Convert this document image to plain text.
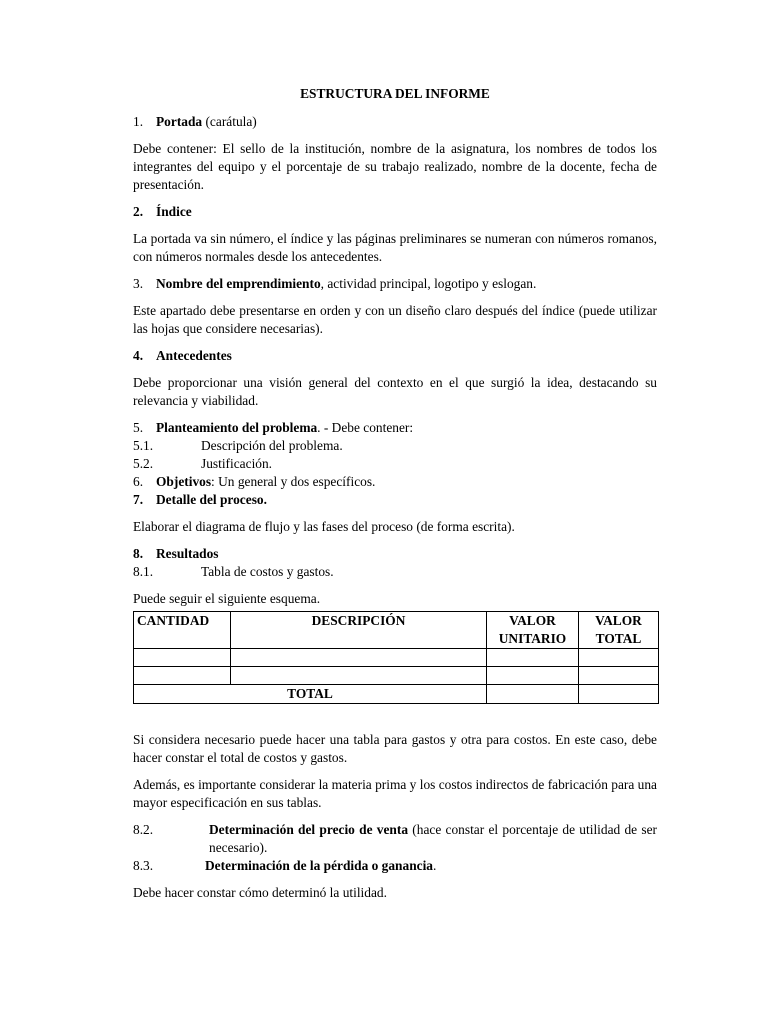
ESTRUCTURA DEL INFORME

1. Portada (carátula)

Debe contener: El sello de la institución, nombre de la asignatura, los nombres de todos los integrantes del equipo y el porcentaje de su trabajo realizado, nombre de la docente, fecha de presentación.

2. Índice

La portada va sin número, el índice y las páginas preliminares se numeran con números romanos, con números normales desde los antecedentes.

3. Nombre del emprendimiento, actividad principal, logotipo y eslogan.

Este apartado debe presentarse en orden y con un diseño claro después del índice (puede utilizar las hojas que considere necesarias).

4. Antecedentes

Debe proporcionar una visión general del contexto en el que surgió la idea, destacando su relevancia y viabilidad.

5. Planteamiento del problema. - Debe contener:

5.1.	Descripción del problema.
5.2.	Justificación.

6. Objetivos: Un general y dos específicos.

7. Detalle del proceso.

Elaborar el diagrama de flujo y las fases del proceso (de forma escrita).

8. Resultados

8.1.	Tabla de costos y gastos.

Puede seguir el siguiente esquema.

CANTIDAD	DESCRIPCIÓN	VALOR UNITARIO	VALOR TOTAL

TOTAL			

Si considera necesario puede hacer una tabla para gastos y otra para costos. En este caso, debe hacer constar el total de costos y gastos.

Además, es importante considerar la materia prima y los costos indirectos de fabricación para una mayor especificación en sus tablas.

8.2.	Determinación del precio de venta (hace constar el porcentaje de utilidad de ser necesario).
8.3.	Determinación de la pérdida o ganancia.

Debe hacer constar cómo determinó la utilidad.
